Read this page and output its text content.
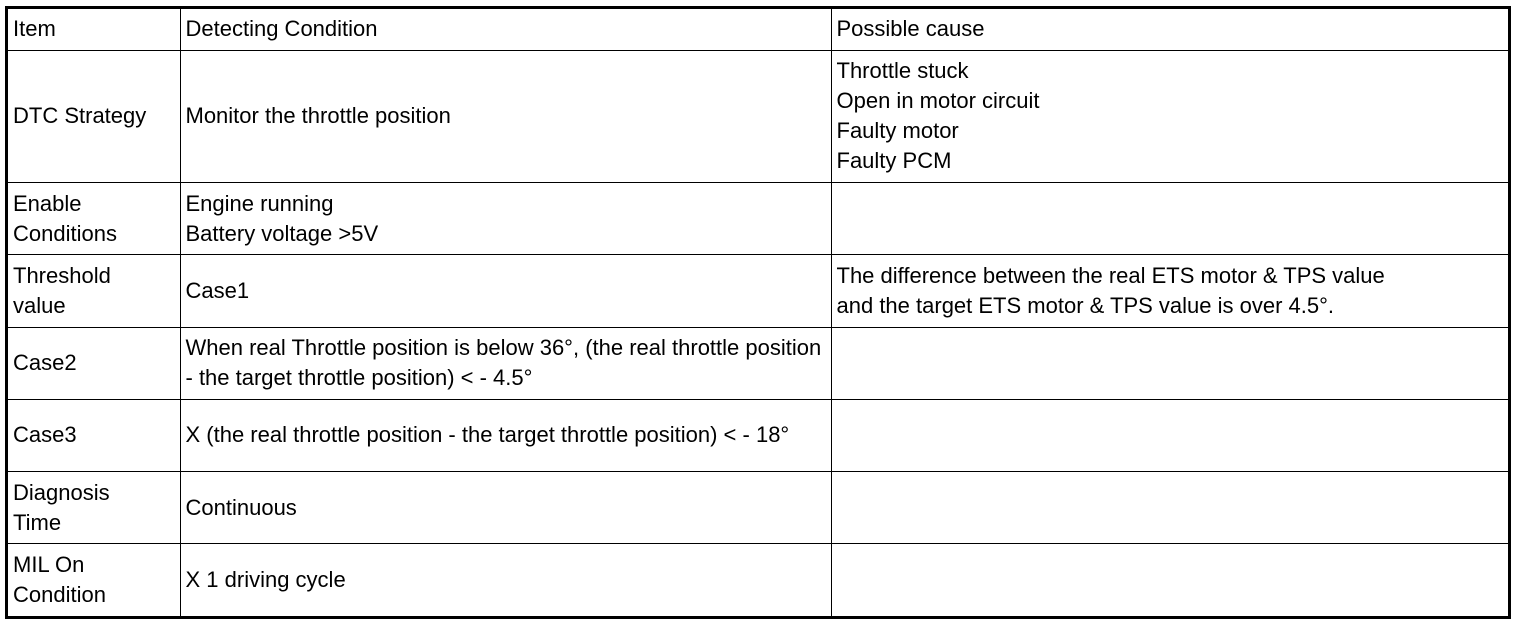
Item	Detecting Condition	Possible cause

DTC Strategy	Monitor the throttle position	Throttle stuck
Open in motor circuit
Faulty motor
Faulty PCM

Enable Conditions	Engine running
Battery voltage >5V	

Threshold value	Case1	The difference between the real ETS motor & TPS value
and the target ETS motor & TPS value is over 4.5°.

Case2	When real Throttle position is below 36°, (the real throttle position - the target throttle position) < - 4.5°	

Case3	X (the real throttle position - the target throttle position) < - 18°	

Diagnosis Time	Continuous	

MIL On Condition	X 1 driving cycle	
